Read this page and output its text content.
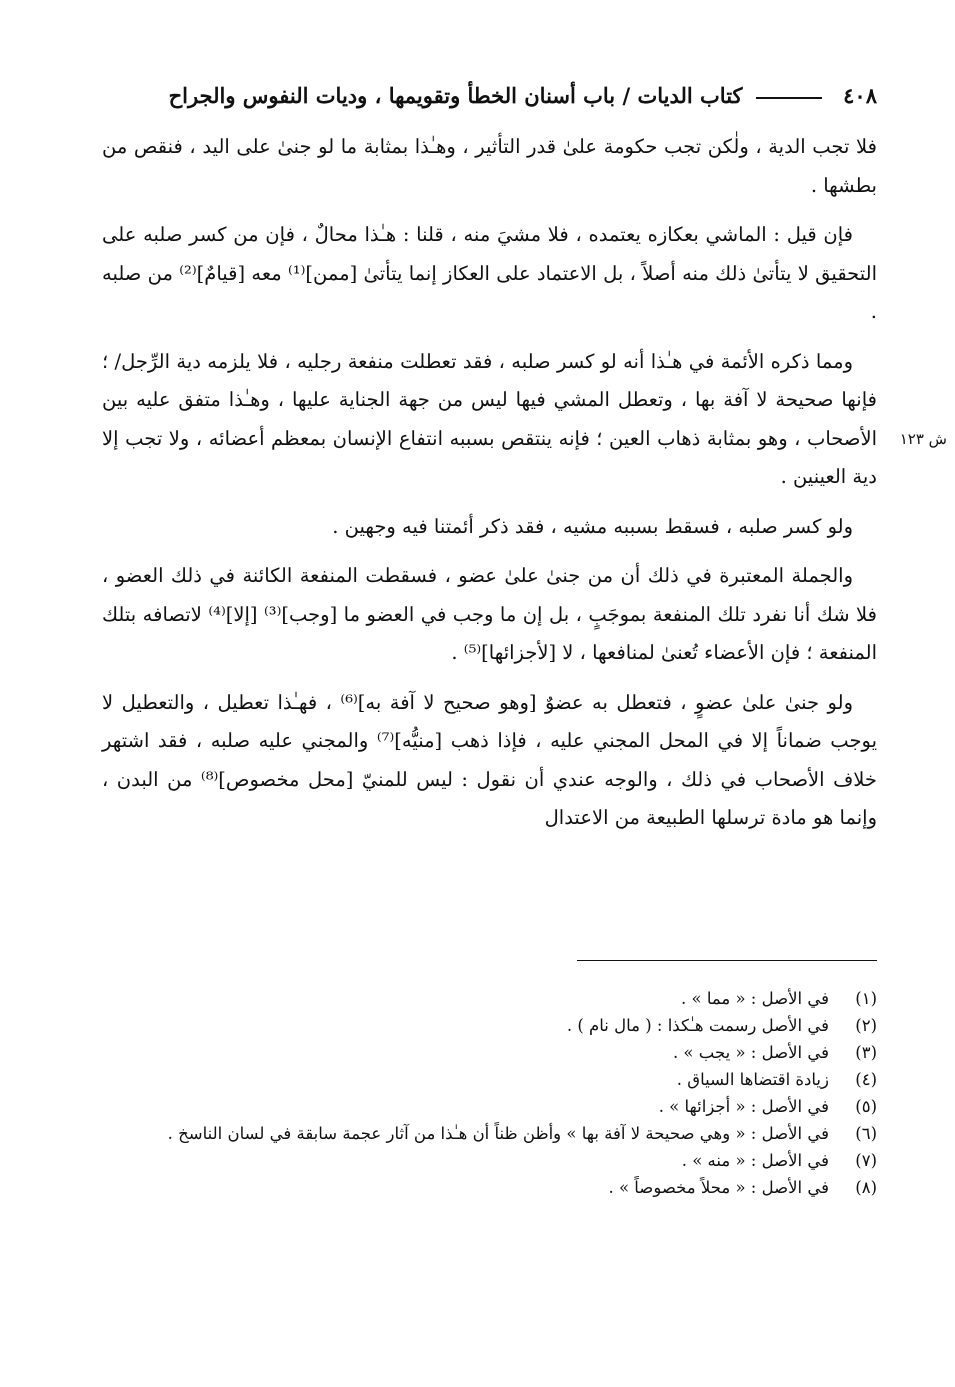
٤٠٨  كتاب الديات / باب أسنان الخطأ وتقويمها ، وديات النفوس والجراح
ش ١٢٣

فلا تجب الدية ، ولٰكن تجب حكومة علىٰ قدر التأثير ، وهـٰذا بمثابة ما لو جنىٰ على اليد ، فنقص من بطشها .

فإن قيل : الماشي بعكازه يعتمده ، فلا مشيَ منه ، قلنا : هـٰذا محالٌ ، فإن من كسر صلبه على التحقيق لا يتأتىٰ ذلك منه أصلاً ، بل الاعتماد على العكاز إنما يتأتىٰ [ممن]⁽¹⁾ معه [قيامٌ]⁽²⁾ من صلبه .

ومما ذكره الأئمة في هـٰذا أنه لو كسر صلبه ، فقد تعطلت منفعة رجليه ، فلا يلزمه دية الرِّجل/ ؛ فإنها صحيحة لا آفة بها ، وتعطل المشي فيها ليس من جهة الجناية عليها ، وهـٰذا متفق عليه بين الأصحاب ، وهو بمثابة ذهاب العين ؛ فإنه ينتقص بسببه انتفاع الإنسان بمعظم أعضائه ، ولا تجب إلا دية العينين .

ولو كسر صلبه ، فسقط بسببه مشيه ، فقد ذكر أئمتنا فيه وجهين .

والجملة المعتبرة في ذلك أن من جنىٰ علىٰ عضو ، فسقطت المنفعة الكائنة في ذلك العضو ، فلا شك أنا نفرد تلك المنفعة بموجَبٍ ، بل إن ما وجب في العضو ما [وجب]⁽³⁾ [إلا]⁽⁴⁾ لاتصافه بتلك المنفعة ؛ فإن الأعضاء تُعنىٰ لمنافعها ، لا [لأجزائها]⁽⁵⁾ .

ولو جنىٰ علىٰ عضوٍ ، فتعطل به عضوٌ [وهو صحيح لا آفة به]⁽⁶⁾ ، فهـٰذا تعطيل ، والتعطيل لا يوجب ضماناً إلا في المحل المجني عليه ، فإذا ذهب [منيُّه]⁽⁷⁾ والمجني عليه صلبه ، فقد اشتهر خلاف الأصحاب في ذلك ، والوجه عندي أن نقول : ليس للمنيّ [محل مخصوص]⁽⁸⁾ من البدن ، وإنما هو مادة ترسلها الطبيعة من الاعتدال

(١)
في الأصل : « مما » .
(٢)
في الأصل رسمت هـٰكذا : ( مال نام ) .
(٣)
في الأصل : « يجب » .
(٤)
زيادة اقتضاها السياق .
(٥)
في الأصل : « أجزائها » .
(٦)
في الأصل : « وهي صحيحة لا آفة بها » وأظن ظناً أن هـٰذا من آثار عجمة سابقة في لسان الناسخ .
(٧)
في الأصل : « منه » .
(٨)
في الأصل : « محلاً مخصوصاً » .
